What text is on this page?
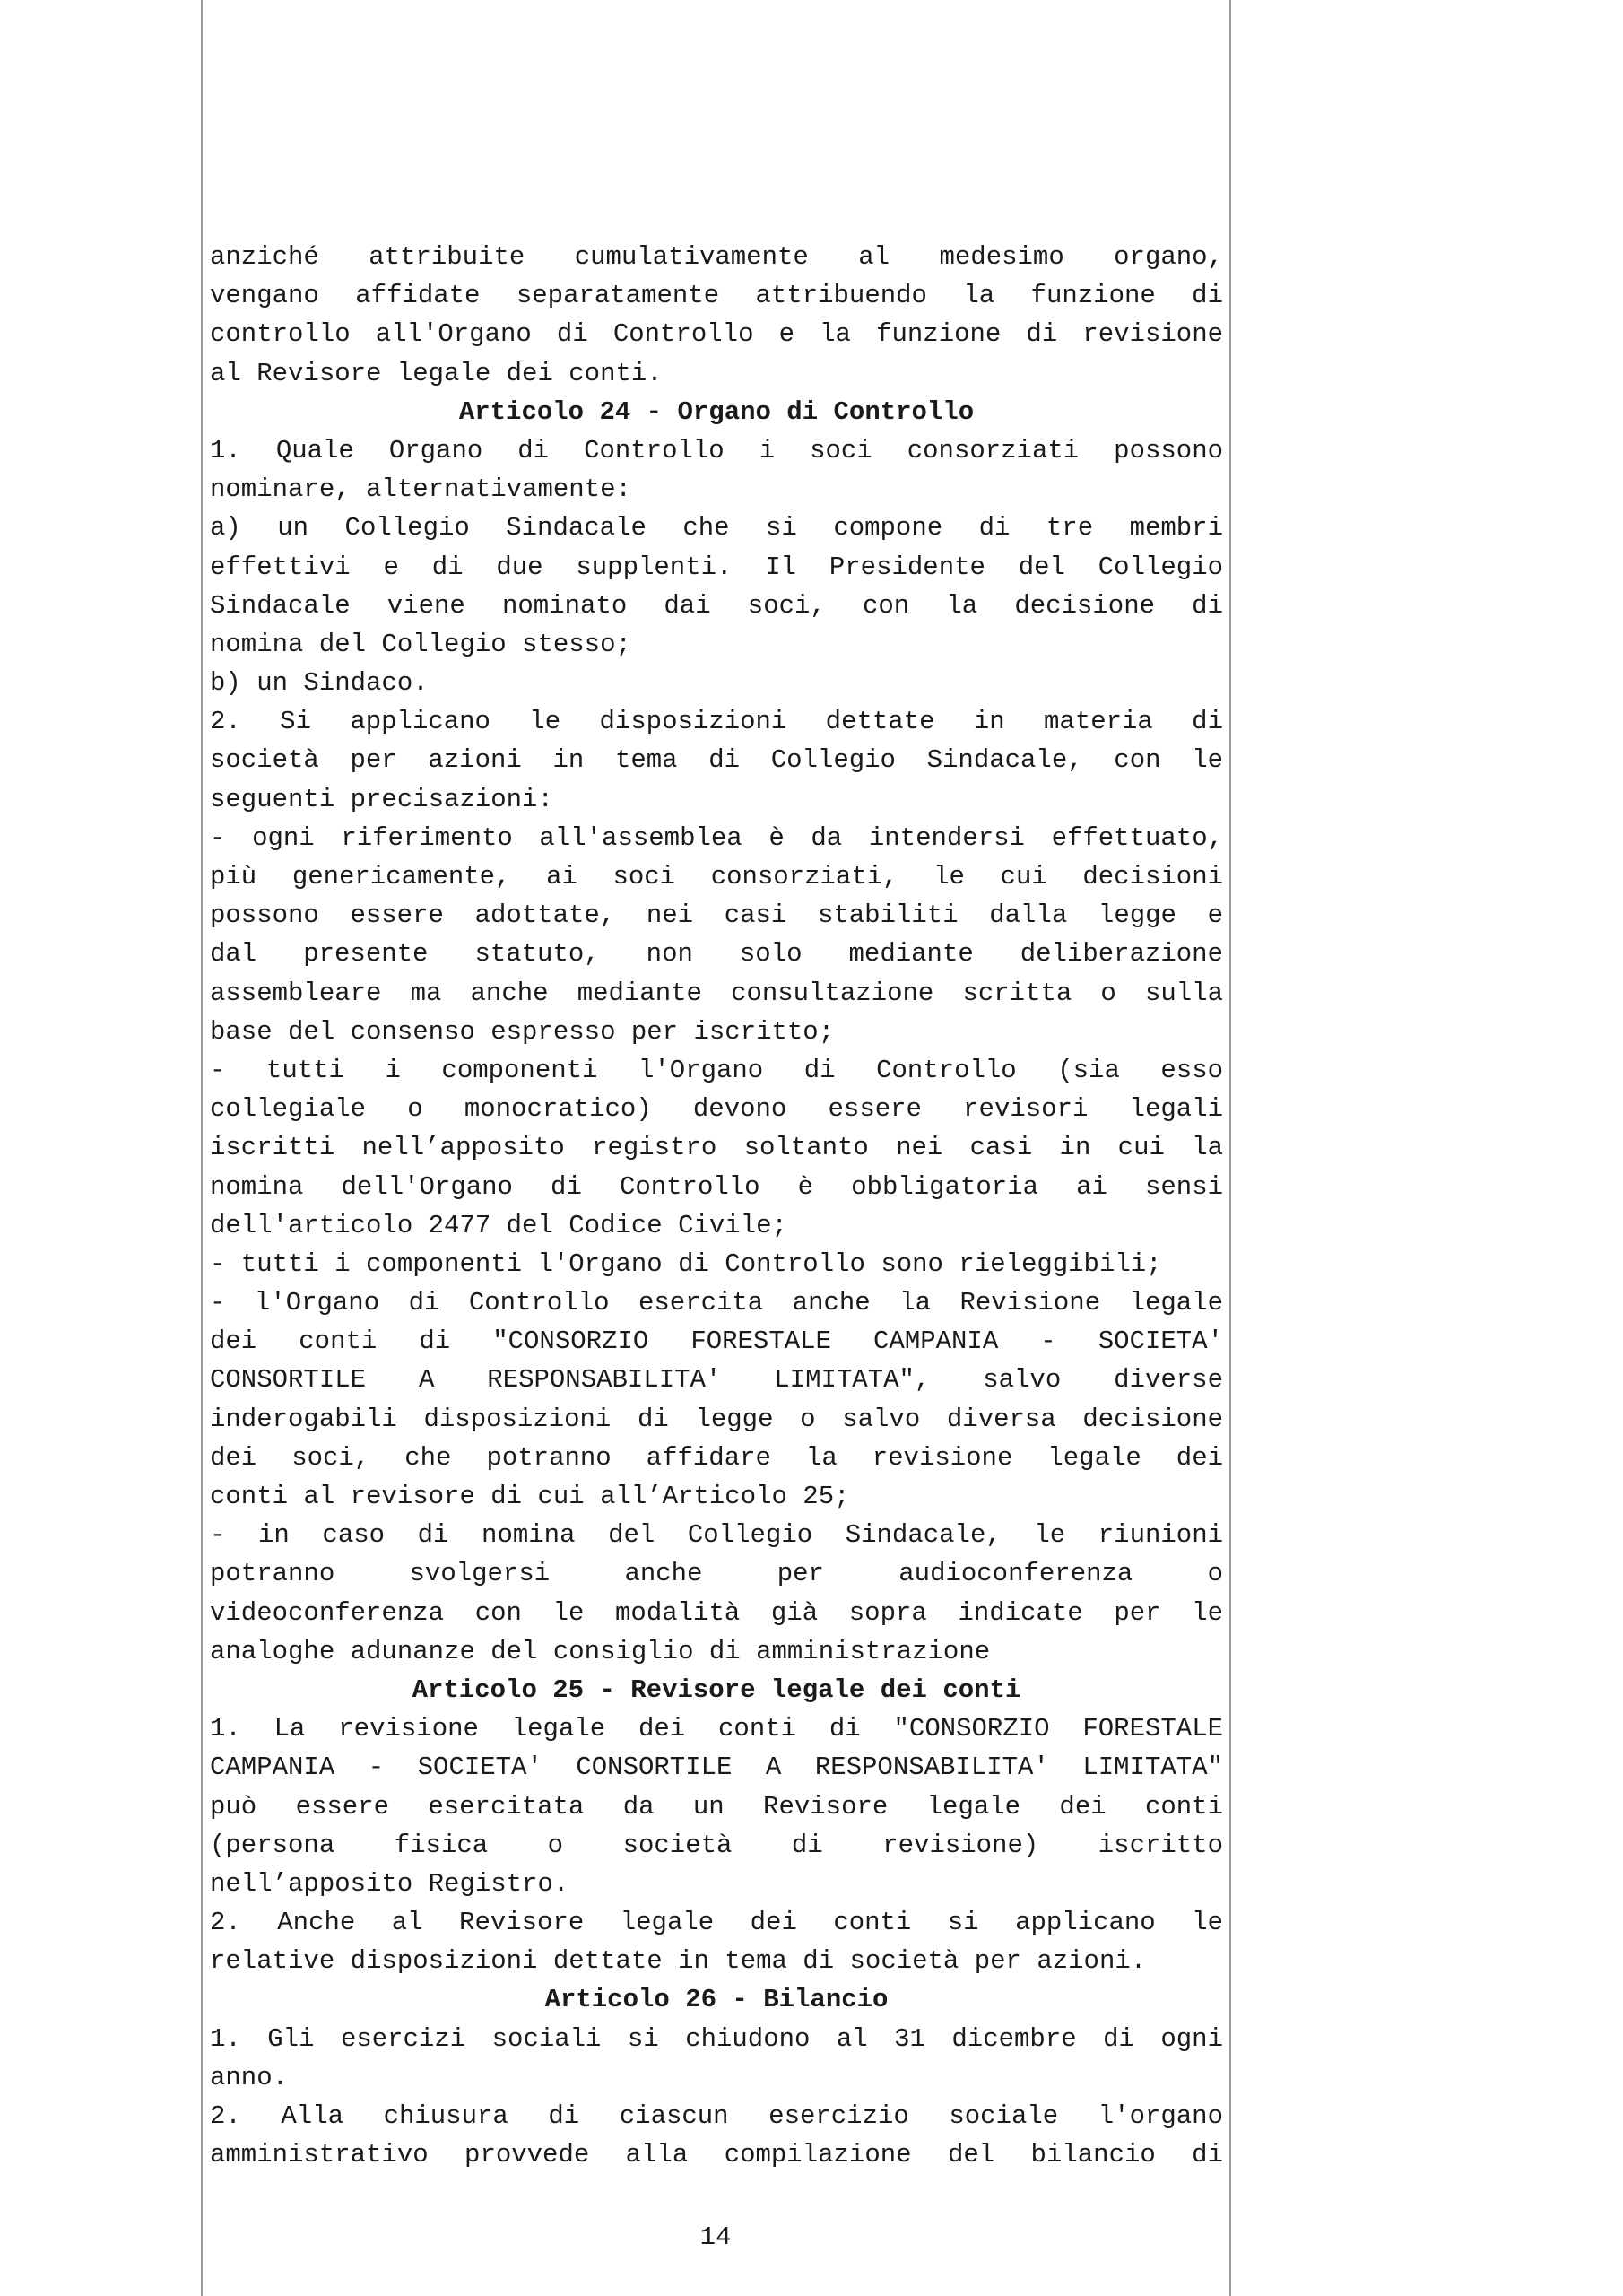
anziché attribuite cumulativamente al medesimo organo,
vengano affidate separatamente attribuendo la funzione di
controllo all'Organo di Controllo e la funzione di revisione
al Revisore legale dei conti.
Articolo 24 - Organo di Controllo
1. Quale Organo di Controllo i soci consorziati possono
nominare, alternativamente:
a) un Collegio Sindacale che si compone di tre membri
effettivi e di due supplenti. Il Presidente del Collegio
Sindacale viene nominato dai soci, con la decisione di
nomina del Collegio stesso;
b) un Sindaco.
2. Si applicano le disposizioni dettate in materia di
società per azioni in tema di Collegio Sindacale, con le
seguenti precisazioni:
- ogni riferimento all'assemblea è da intendersi effettuato,
più genericamente, ai soci consorziati, le cui decisioni
possono essere adottate, nei casi stabiliti dalla legge e
dal presente statuto, non solo mediante deliberazione
assembleare ma anche mediante consultazione scritta o sulla
base del consenso espresso per iscritto;
- tutti i componenti l'Organo di Controllo (sia esso
collegiale o monocratico) devono essere revisori legali
iscritti nell’apposito registro soltanto nei casi in cui la
nomina dell'Organo di Controllo è obbligatoria ai sensi
dell'articolo 2477 del Codice Civile;
- tutti i componenti l'Organo di Controllo sono rieleggibili;
- l'Organo di Controllo esercita anche la Revisione legale
dei conti di "CONSORZIO FORESTALE CAMPANIA - SOCIETA'
CONSORTILE A RESPONSABILITA' LIMITATA", salvo diverse
inderogabili disposizioni di legge o salvo diversa decisione
dei soci, che potranno affidare la revisione legale dei
conti al revisore di cui all’Articolo 25;
- in caso di nomina del Collegio Sindacale, le riunioni
potranno svolgersi anche per audioconferenza o
videoconferenza con le modalità già sopra indicate per le
analoghe adunanze del consiglio di amministrazione
Articolo 25 - Revisore legale dei conti
1. La revisione legale dei conti di "CONSORZIO FORESTALE
CAMPANIA - SOCIETA' CONSORTILE A RESPONSABILITA' LIMITATA"
può essere esercitata da un Revisore legale dei conti
(persona fisica o società di revisione) iscritto
nell’apposito Registro.
2. Anche al Revisore legale dei conti si applicano le
relative disposizioni dettate in tema di società per azioni.
Articolo 26 - Bilancio
1. Gli esercizi sociali si chiudono al 31 dicembre di ogni
anno.
2. Alla chiusura di ciascun esercizio sociale l'organo
amministrativo provvede alla compilazione del bilancio di
14
